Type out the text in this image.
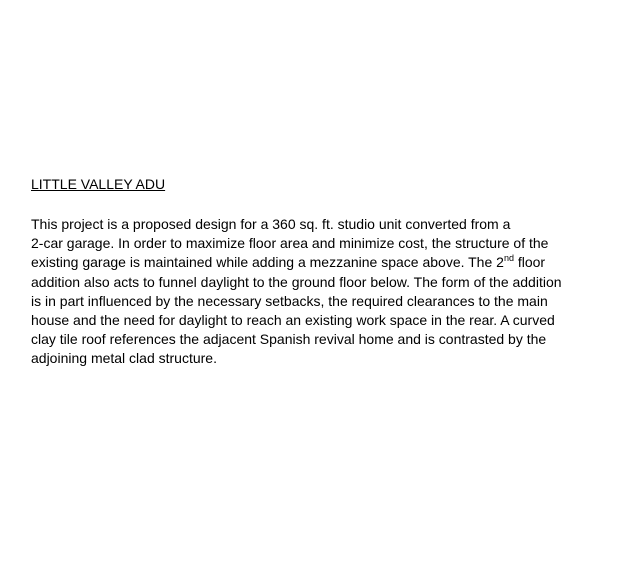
LITTLE VALLEY ADU
This project is a proposed design for a 360 sq. ft. studio unit converted from a
2-car garage. In order to maximize floor area and minimize cost, the structure of the
existing garage is maintained while adding a mezzanine space above. The 2nd floor
addition also acts to funnel daylight to the ground floor below. The form of the addition
is in part influenced by the necessary setbacks, the required clearances to the main
house and the need for daylight to reach an existing work space in the rear. A curved
clay tile roof references the adjacent Spanish revival home and is contrasted by the
adjoining metal clad structure.
